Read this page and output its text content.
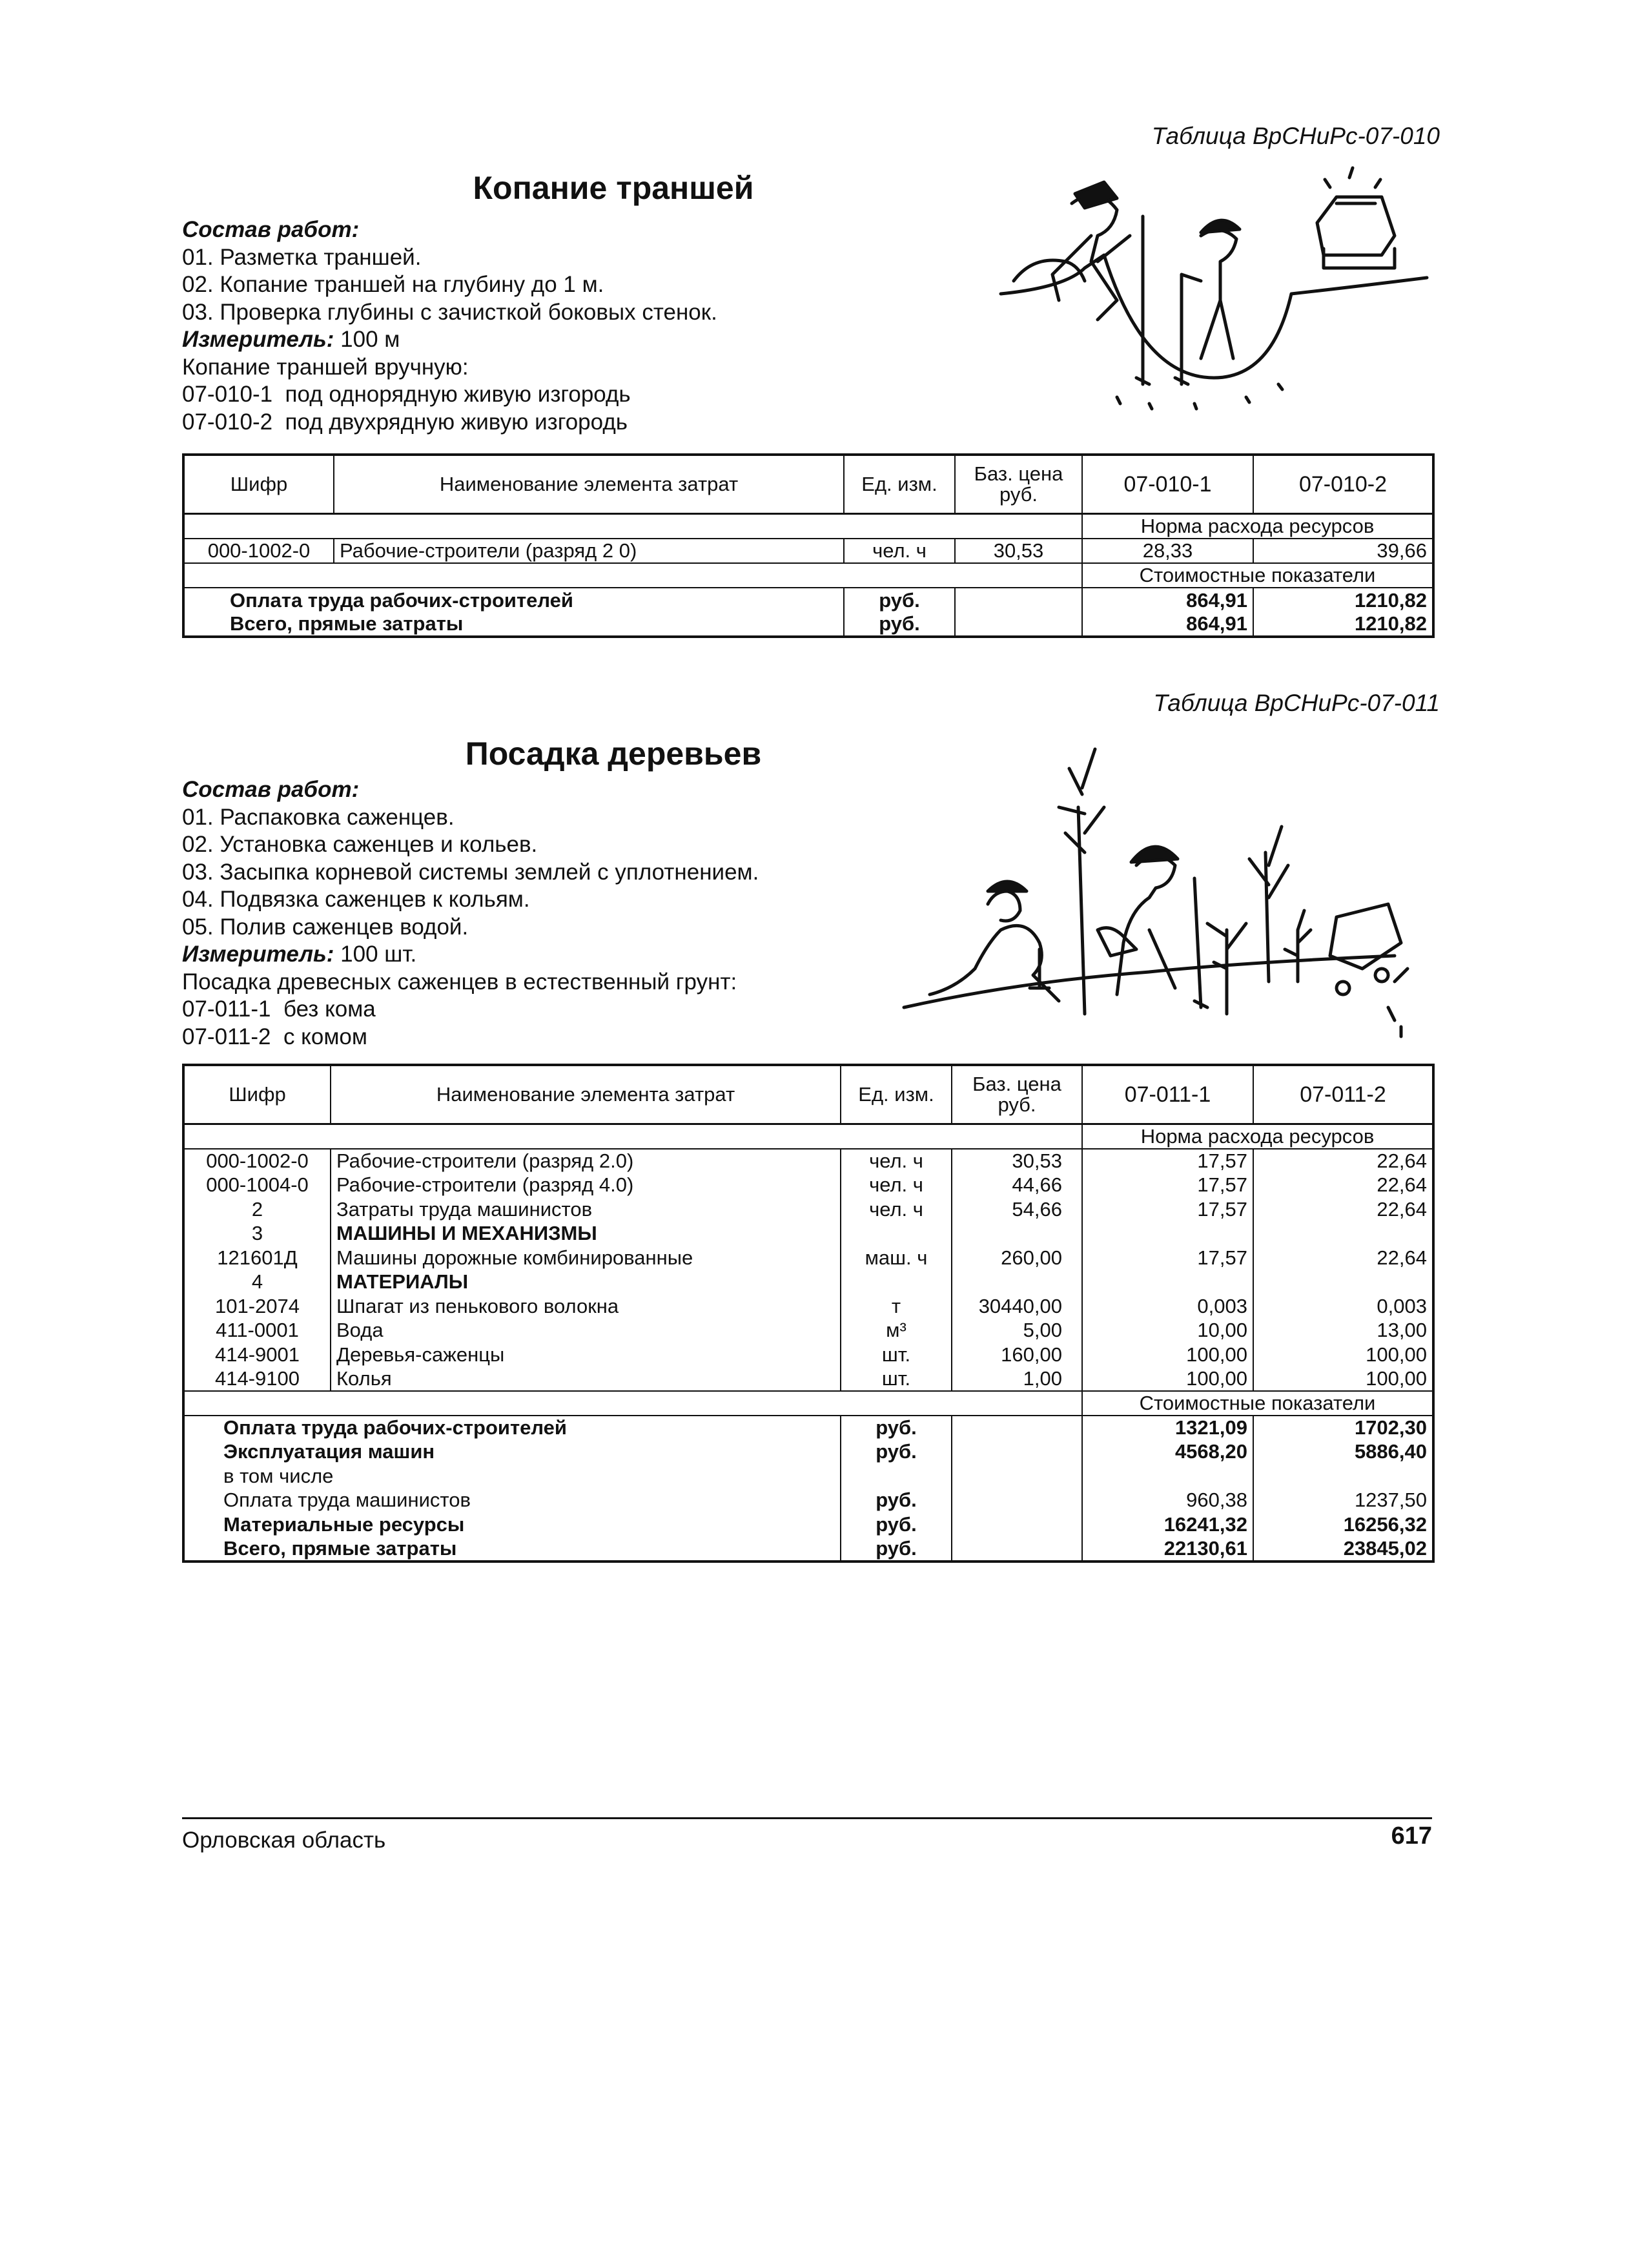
Таблица ВрСНиРс-07-010
Копание траншей
Состав работ:
01. Разметка траншей.
02. Копание траншей на глубину до 1 м.
03. Проверка глубины с зачисткой боковых стенок.
Измеритель: 100 м
Копание траншей вручную:
07-010-1  под однорядную живую изгородь
07-010-2  под двухрядную живую изгородь
Шифр	Наименование элемента затрат	Ед. изм.	Баз. цена руб.	07-010-1	07-010-2
				Норма расхода ресурсов	
000-1002-0	Рабочие-строители (разряд 2 0)	чел. ч	30,53	28,33	39,66
				Стоимостные показатели	
Оплата труда рабочих-строителей		руб.		864,91	1210,82
Всего, прямые затраты		руб.		864,91	1210,82
Таблица ВрСНиРс-07-011
Посадка деревьев
Состав работ:
01. Распаковка саженцев.
02. Установка саженцев и кольев.
03. Засыпка корневой системы землей с уплотнением.
04. Подвязка саженцев к кольям.
05. Полив саженцев водой.
Измеритель: 100 шт.
Посадка древесных саженцев в естественный грунт:
07-011-1  без кома
07-011-2  с комом
Шифр	Наименование элемента затрат	Ед. изм.	Баз. цена руб.	07-011-1	07-011-2
				Норма расхода ресурсов	
000-1002-0	Рабочие-строители (разряд 2.0)	чел. ч	30,53	17,57	22,64
000-1004-0	Рабочие-строители (разряд 4.0)	чел. ч	44,66	17,57	22,64
2	Затраты труда машинистов	чел. ч	54,66	17,57	22,64
3	МАШИНЫ И МЕХАНИЗМЫ				
121601Д	Машины дорожные комбинированные	маш. ч	260,00	17,57	22,64
4	МАТЕРИАЛЫ				
101-2074	Шпагат из пенькового волокна	т	30440,00	0,003	0,003
411-0001	Вода	м³	5,00	10,00	13,00
414-9001	Деревья-саженцы	шт.	160,00	100,00	100,00
414-9100	Колья	шт.	1,00	100,00	100,00
				Стоимостные показатели	
Оплата труда рабочих-строителей		руб.		1321,09	1702,30
Эксплуатация машин		руб.		4568,20	5886,40
в том числе					
Оплата труда машинистов		руб.		960,38	1237,50
Материальные ресурсы		руб.		16241,32	16256,32
Всего, прямые затраты		руб.		22130,61	23845,02
Орловская область	617
